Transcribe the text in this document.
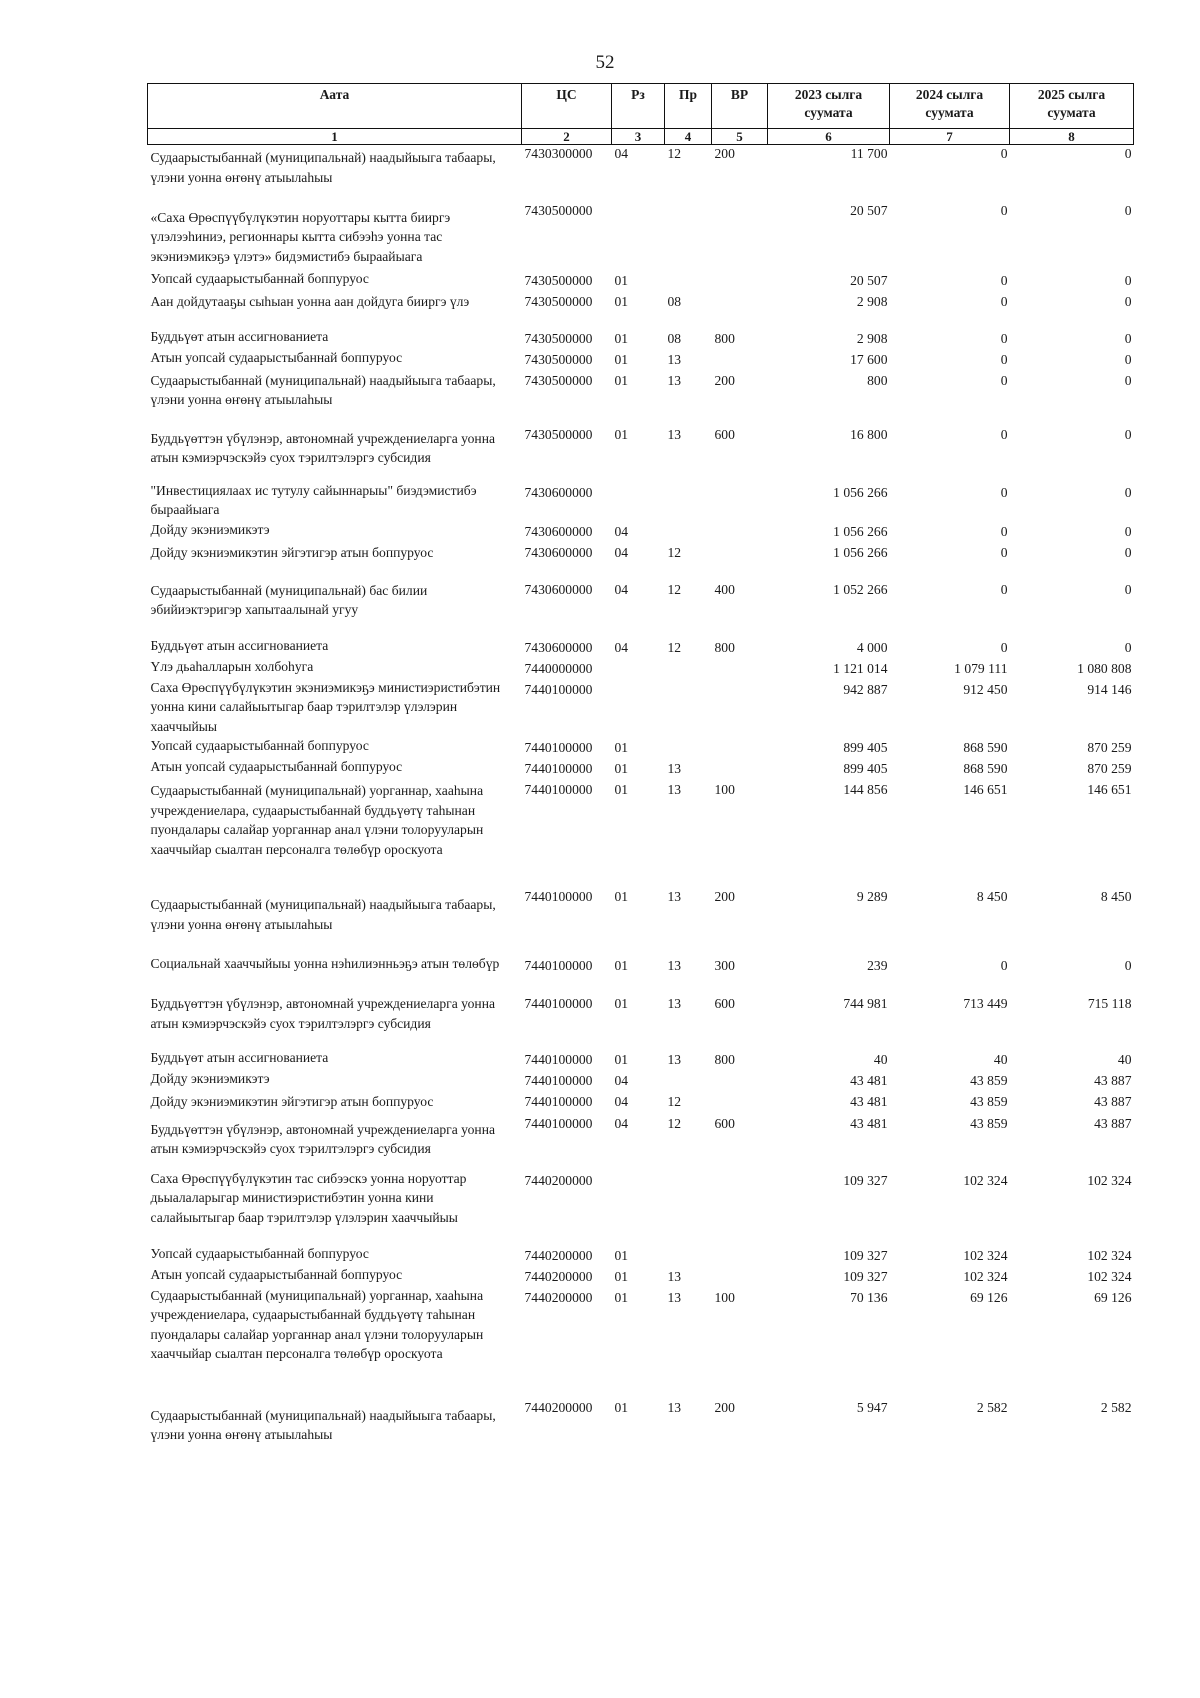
52
Аата	ЦС	Рз	Пр	ВР	2023 сылга суумата	2024 сылга суумата	2025 сылга суумата
1	2	3	4	5	6	7	8
Судаарыстыбаннай (муниципальнай) наадыйыыга табаары, үлэни уонна өҥөнү атыылаһыы	7430300000	04	12	200	11 700	0	0
«Саха Өрөспүүбүлүкэтин норуоттары кытта бииргэ үлэлээһиниэ, регионнары кытта сибээһэ уонна тас экэниэмикэҕэ үлэтэ» бидэмистибэ быраайыага	7430500000				20 507	0	0
Уопсай судаарыстыбаннай боппуруос	7430500000	01			20 507	0	0
Аан дойдутааҕы сыһыан уонна аан дойдуга бииргэ үлэ	7430500000	01	08		2 908	0	0
Буддьүөт атын ассигнованиета	7430500000	01	08	800	2 908	0	0
Атын уопсай судаарыстыбаннай боппуруос	7430500000	01	13		17 600	0	0
Судаарыстыбаннай (муниципальнай) наадыйыыга табаары, үлэни уонна өҥөнү атыылаһыы	7430500000	01	13	200	800	0	0
Буддьүөттэн үбүлэнэр, автономнай учреждениеларга уонна атын кэмиэрчэскэйэ суох тэрилтэлэргэ субсидия	7430500000	01	13	600	16 800	0	0
"Инвестициялаах ис тутулу сайыннарыы" биэдэмистибэ быраайыага	7430600000				1 056 266	0	0
Дойду экэниэмикэтэ	7430600000	04			1 056 266	0	0
Дойду экэниэмикэтин эйгэтигэр атын боппуруос	7430600000	04	12		1 056 266	0	0
Судаарыстыбаннай (муниципальнай) бас билии эбийиэктэригэр хапытаалынай угуу	7430600000	04	12	400	1 052 266	0	0
Буддьүөт атын ассигнованиета	7430600000	04	12	800	4 000	0	0
Үлэ дьаһалларын холбоһуга	7440000000				1 121 014	1 079 111	1 080 808
Саха Өрөспүүбүлүкэтин экэниэмикэҕэ министиэристибэтин уонна кини салайыытыгар баар тэрилтэлэр үлэлэрин хааччыйыы	7440100000				942 887	912 450	914 146
Уопсай судаарыстыбаннай боппуруос	7440100000	01			899 405	868 590	870 259
Атын уопсай судаарыстыбаннай боппуруос	7440100000	01	13		899 405	868 590	870 259
Судаарыстыбаннай (муниципальнай) уорганнар, хааһына учреждениелара, судаарыстыбаннай буддьүөтү таһынан пуондалары салайар уорганнар анал үлэни толорууларын хааччыйар сыалтан персоналга төлөбүр ороскуота	7440100000	01	13	100	144 856	146 651	146 651
Судаарыстыбаннай (муниципальнай) наадыйыыга табаары, үлэни уонна өҥөнү атыылаһыы	7440100000	01	13	200	9 289	8 450	8 450
Социальнай хааччыйыы уонна нэһилиэнньэҕэ атын төлөбүр	7440100000	01	13	300	239	0	0
Буддьүөттэн үбүлэнэр, автономнай учреждениеларга уонна атын кэмиэрчэскэйэ суох тэрилтэлэргэ субсидия	7440100000	01	13	600	744 981	713 449	715 118
Буддьүөт атын ассигнованиета	7440100000	01	13	800	40	40	40
Дойду экэниэмикэтэ	7440100000	04			43 481	43 859	43 887
Дойду экэниэмикэтин эйгэтигэр атын боппуруос	7440100000	04	12		43 481	43 859	43 887
Буддьүөттэн үбүлэнэр, автономнай учреждениеларга уонна атын кэмиэрчэскэйэ суох тэрилтэлэргэ субсидия	7440100000	04	12	600	43 481	43 859	43 887
Саха Өрөспүүбүлүкэтин тас сибээскэ уонна норуоттар дьыалаларыгар министиэристибэтин уонна кини салайыытыгар баар тэрилтэлэр үлэлэрин хааччыйыы	7440200000				109 327	102 324	102 324
Уопсай судаарыстыбаннай боппуруос	7440200000	01			109 327	102 324	102 324
Атын уопсай судаарыстыбаннай боппуруос	7440200000	01	13		109 327	102 324	102 324
Судаарыстыбаннай (муниципальнай) уорганнар, хааһына учреждениелара, судаарыстыбаннай буддьүөтү таһынан пуондалары салайар уорганнар анал үлэни толорууларын хааччыйар сыалтан персоналга төлөбүр ороскуота	7440200000	01	13	100	70 136	69 126	69 126
Судаарыстыбаннай (муниципальнай) наадыйыыга табаары, үлэни уонна өҥөнү атыылаһыы	7440200000	01	13	200	5 947	2 582	2 582
